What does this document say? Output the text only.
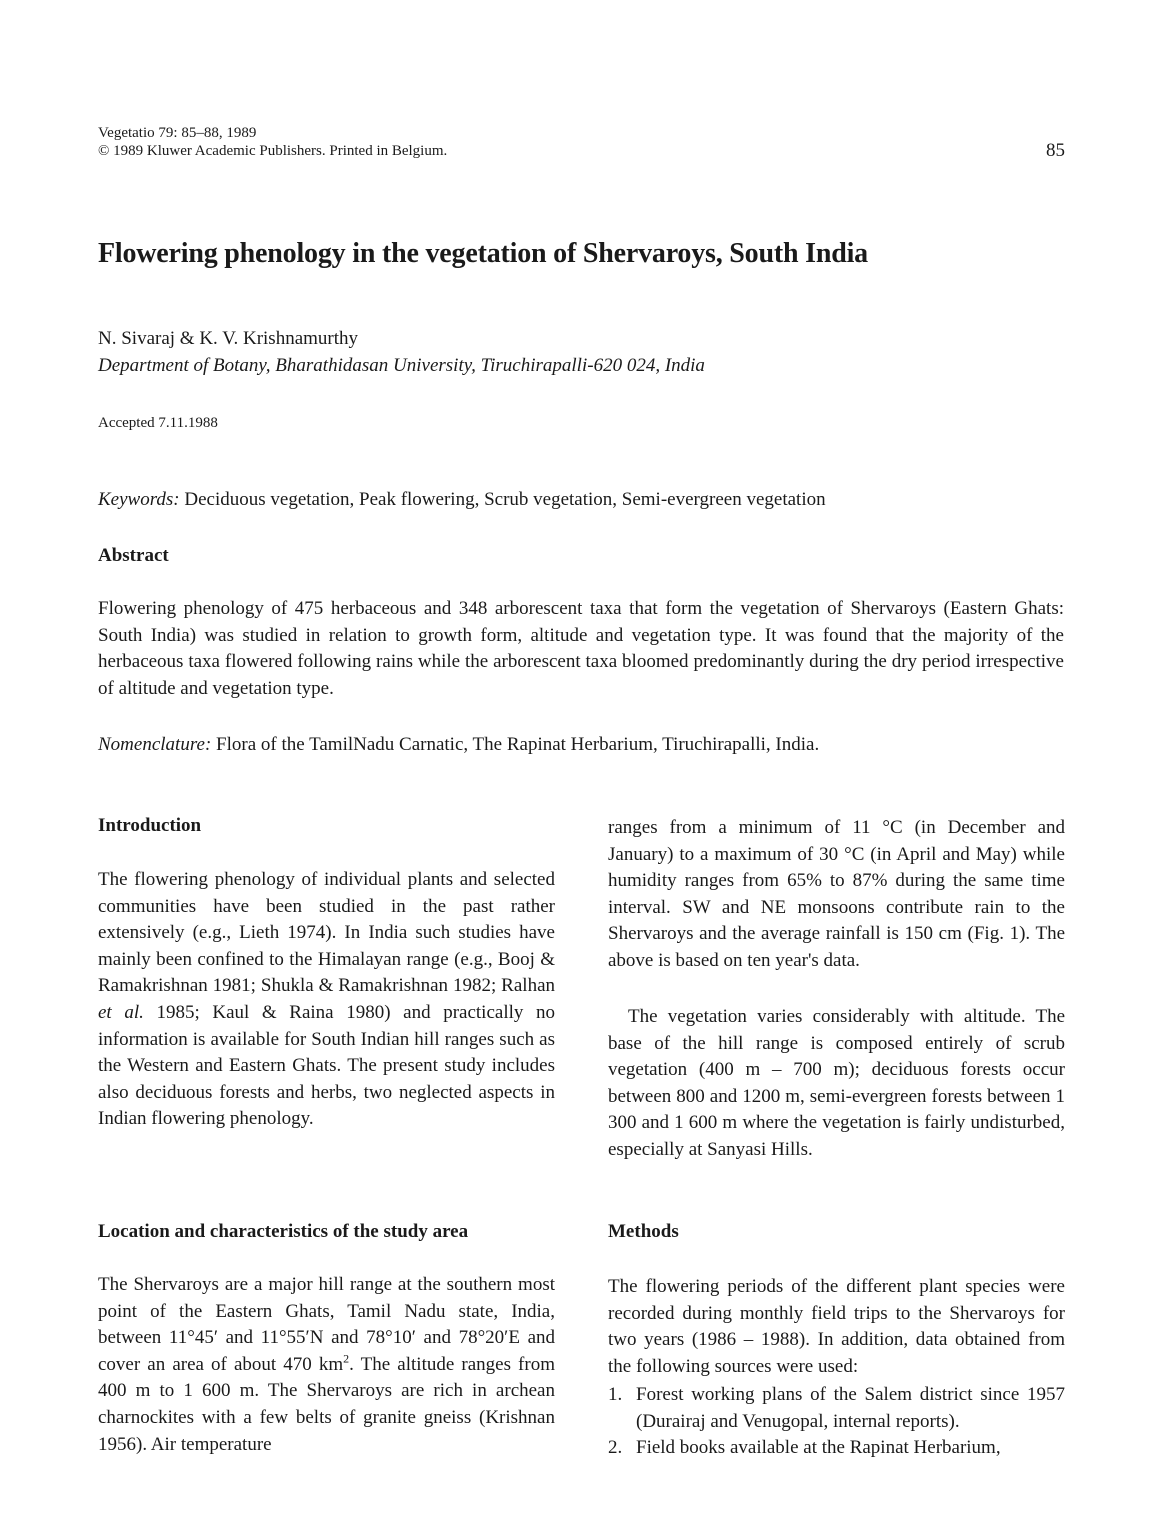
Vegetatio 79: 85–88, 1989
© 1989 Kluwer Academic Publishers. Printed in Belgium.	85
Flowering phenology in the vegetation of Shervaroys, South India
N. Sivaraj & K. V. Krishnamurthy
Department of Botany, Bharathidasan University, Tiruchirapalli-620 024, India
Accepted 7.11.1988
Keywords: Deciduous vegetation, Peak flowering, Scrub vegetation, Semi-evergreen vegetation
Abstract
Flowering phenology of 475 herbaceous and 348 arborescent taxa that form the vegetation of Shervaroys (Eastern Ghats: South India) was studied in relation to growth form, altitude and vegetation type. It was found that the majority of the herbaceous taxa flowered following rains while the arborescent taxa bloomed predominantly during the dry period irrespective of altitude and vegetation type.
Nomenclature: Flora of the TamilNadu Carnatic, The Rapinat Herbarium, Tiruchirapalli, India.
Introduction
The flowering phenology of individual plants and selected communities have been studied in the past rather extensively (e.g., Lieth 1974). In India such studies have mainly been confined to the Himalayan range (e.g., Booj & Ramakrishnan 1981; Shukla & Ramakrishnan 1982; Ralhan et al. 1985; Kaul & Raina 1980) and practically no information is available for South Indian hill ranges such as the Western and Eastern Ghats. The present study includes also deciduous forests and herbs, two neglected aspects in Indian flowering phenology.
Location and characteristics of the study area
The Shervaroys are a major hill range at the southern most point of the Eastern Ghats, Tamil Nadu state, India, between 11°45′ and 11°55′N and 78°10′ and 78°20′E and cover an area of about 470 $km^2$. The altitude ranges from 400 m to 1 600 m. The Shervaroys are rich in archean charnockites with a few belts of granite gneiss (Krishnan 1956). Air temperature
ranges from a minimum of 11 °C (in December and January) to a maximum of 30 °C (in April and May) while humidity ranges from 65% to 87% during the same time interval. SW and NE monsoons contribute rain to the Shervaroys and the average rainfall is 150 cm (Fig. 1). The above is based on ten year's data.
The vegetation varies considerably with altitude. The base of the hill range is composed entirely of scrub vegetation (400 m – 700 m); deciduous forests occur between 800 and 1200 m, semi-evergreen forests between 1 300 and 1 600 m where the vegetation is fairly undisturbed, especially at Sanyasi Hills.
Methods
The flowering periods of the different plant species were recorded during monthly field trips to the Shervaroys for two years (1986 – 1988). In addition, data obtained from the following sources were used:
1. Forest working plans of the Salem district since 1957 (Durairaj and Venugopal, internal reports).
2. Field books available at the Rapinat Herbarium,
